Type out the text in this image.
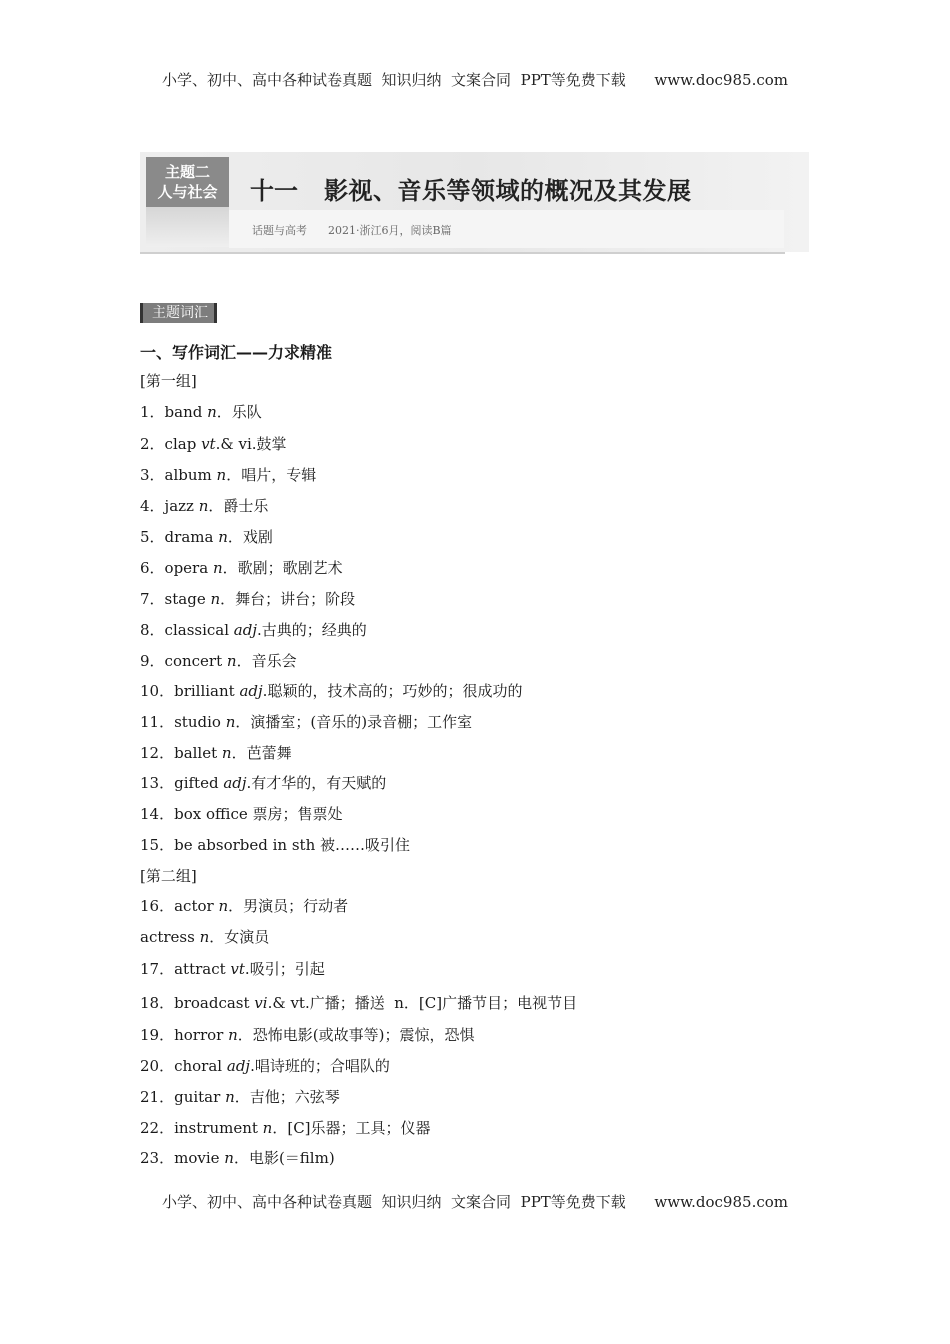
小学、初中、高中各种试卷真题  知识归纳  文案合同  PPT等免费下载      www.doc985.com
主题二
人与社会 十一 影视、音乐等领域的概况及其发展
话题与高考      2021·浙江6月，阅读B篇
主题词汇
一、写作词汇——力求精准
[第一组]
1．band n．乐队
2．clap vt.& vi.鼓掌
3．album n．唱片，专辑
4．jazz n．爵士乐
5．drama n．戏剧
6．opera n．歌剧；歌剧艺术
7．stage n．舞台；讲台；阶段
8．classical adj.古典的；经典的
9．concert n．音乐会
10．brilliant adj.聪颖的，技术高的；巧妙的；很成功的
11．studio n．演播室；(音乐的)录音棚；工作室
12．ballet n．芭蕾舞
13．gifted adj.有才华的，有天赋的
14．box office 票房；售票处
15．be absorbed in sth 被……吸引住
[第二组]
16．actor n．男演员；行动者
actress n．女演员
17．attract vt.吸引；引起
18．broadcast vi.& vt.广播；播送  n．[C]广播节目；电视节目
19．horror n．恐怖电影(或故事等)；震惊，恐惧
20．choral adj.唱诗班的；合唱队的
21．guitar n．吉他；六弦琴
22．instrument n．[C]乐器；工具；仪器
23．movie n．电影(＝film)
小学、初中、高中各种试卷真题  知识归纳  文案合同  PPT等免费下载      www.doc985.com
